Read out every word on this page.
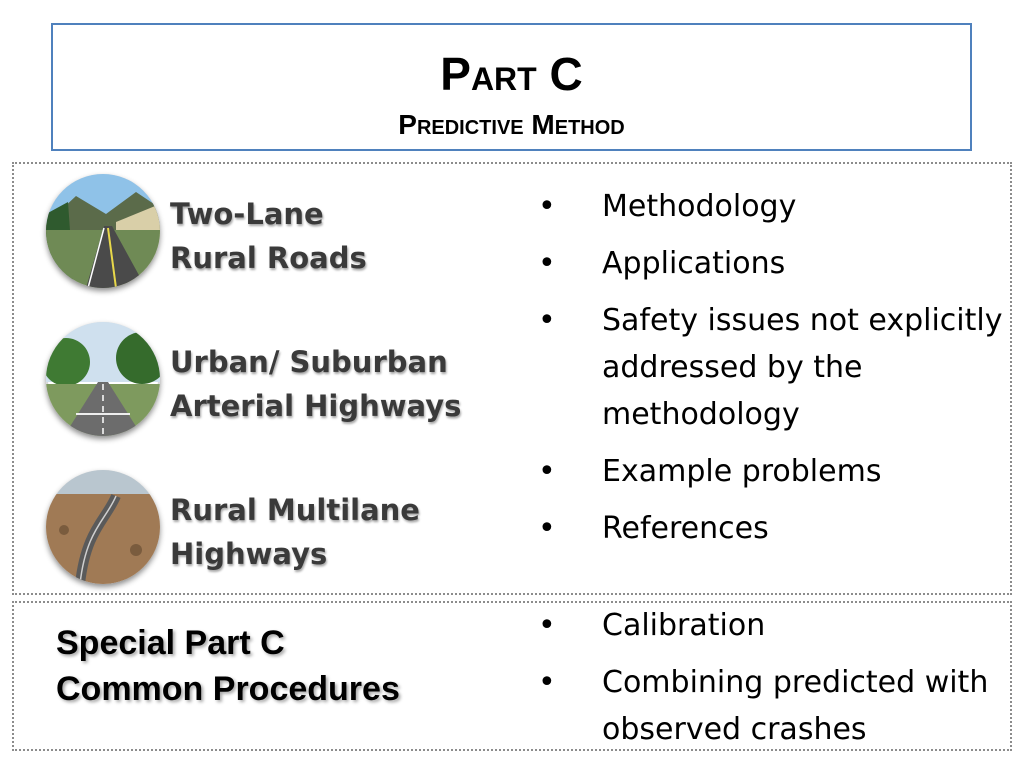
Part C
Predictive Method
Two-Lane
Rural Roads
Urban/ Suburban
Arterial Highways
Rural Multilane
Highways
• Methodology
• Applications
• Safety issues not explicitly addressed by the methodology
• Example problems
• References
Special Part C
Common Procedures
• Calibration
• Combining predicted with observed crashes
